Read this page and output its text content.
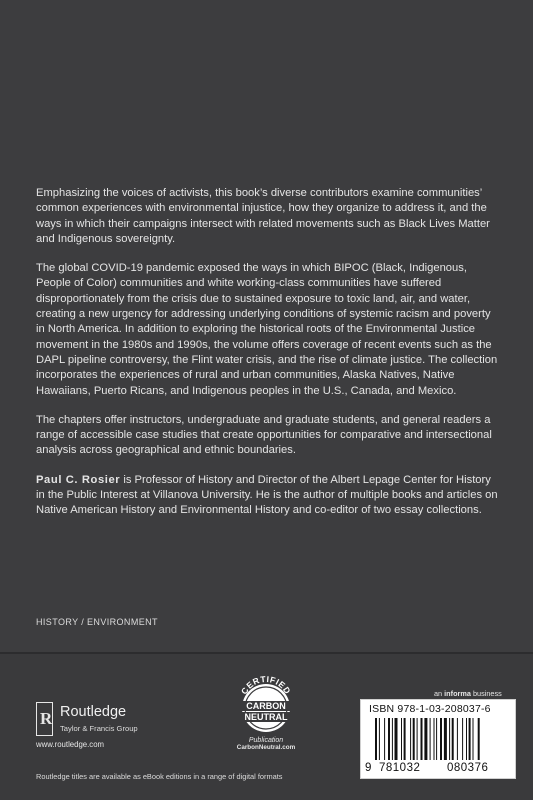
Emphasizing the voices of activists, this book’s diverse contributors examine communities’ common experiences with environmental injustice, how they organize to address it, and the ways in which their campaigns intersect with related movements such as Black Lives Matter and Indigenous sovereignty.

The global COVID-19 pandemic exposed the ways in which BIPOC (Black, Indigenous, People of Color) communities and white working-class communities have suffered disproportionately from the crisis due to sustained exposure to toxic land, air, and water, creating a new urgency for addressing underlying conditions of systemic racism and poverty in North America. In addition to exploring the historical roots of the Environmental Justice movement in the 1980s and 1990s, the volume offers coverage of recent events such as the DAPL pipeline controversy, the Flint water crisis, and the rise of climate justice. The collection incorporates the experiences of rural and urban communities, Alaska Natives, Native Hawaiians, Puerto Ricans, and Indigenous peoples in the U.S., Canada, and Mexico.

The chapters offer instructors, undergraduate and graduate students, and general readers a range of accessible case studies that create opportunities for comparative and intersectional analysis across geographical and ethnic boundaries.

Paul C. Rosier is Professor of History and Director of the Albert Lepage Center for History in the Public Interest at Villanova University. He is the author of multiple books and articles on Native American History and Environmental History and co-editor of two essay collections.

HISTORY / ENVIRONMENT
R Routledge
Taylor & Francis Group
www.routledge.com
CERTIFIED
CARBON
NEUTRAL
Publication
CarbonNeutral.com
an informa business
ISBN 978-1-03-208037-6
9 781032 080376
Routledge titles are available as eBook editions in a range of digital formats
